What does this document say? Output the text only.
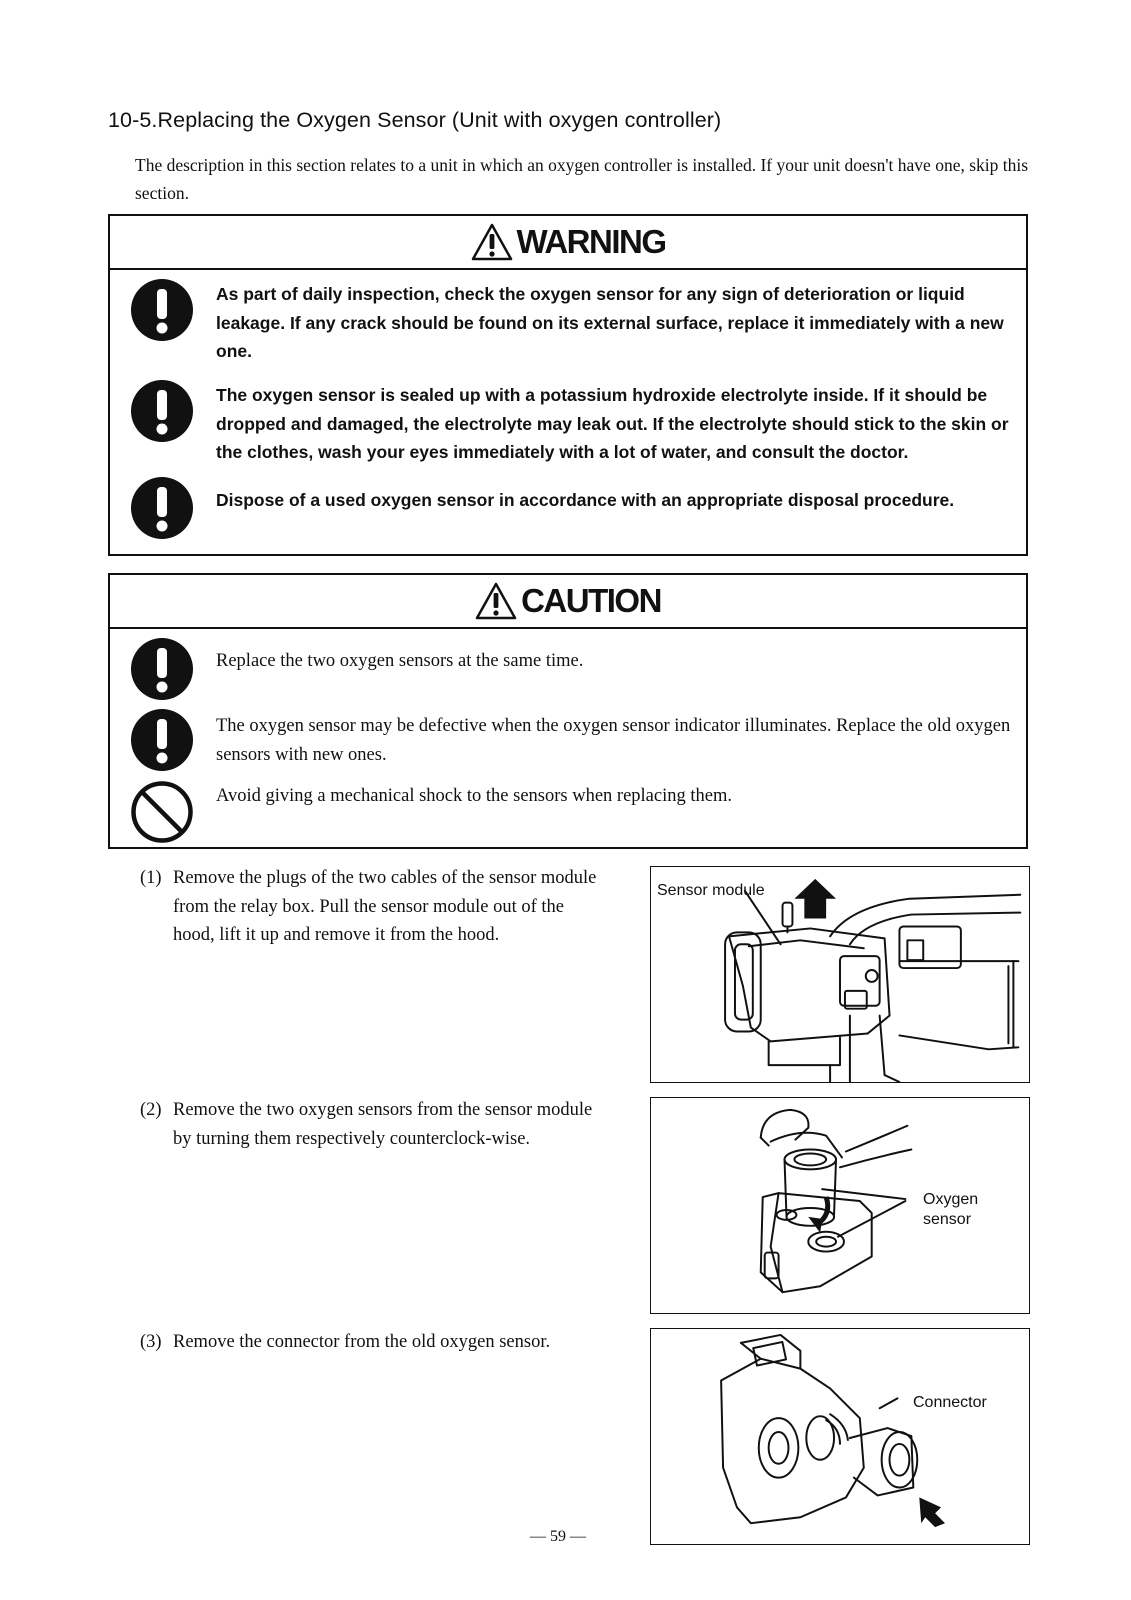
10-5.Replacing the Oxygen Sensor (Unit with oxygen controller)
The description in this section relates to a unit in which an oxygen controller is installed. If your unit doesn't have one, skip this section.
WARNING
As part of daily inspection, check the oxygen sensor for any sign of deterioration or liquid leakage. If any crack should be found on its external surface, replace it immediately with a new one.
The oxygen sensor is sealed up with a potassium hydroxide electrolyte inside. If it should be dropped and damaged, the electrolyte may leak out. If the electrolyte should stick to the skin or the clothes, wash your eyes immediately with a lot of water, and consult the doctor.
Dispose of a used oxygen sensor in accordance with an appropriate disposal procedure.
CAUTION
Replace the two oxygen sensors at the same time.
The oxygen sensor may be defective when the oxygen sensor indicator illuminates. Replace the old oxygen sensors with new ones.
Avoid giving a mechanical shock to the sensors when replacing them.
(1) Remove the plugs of the two cables of the sensor module from the relay box. Pull the sensor module out of the hood, lift it up and remove it from the hood.
(2) Remove the two oxygen sensors from the sensor module by turning them respectively counterclock-wise.
(3) Remove the connector from the old oxygen sensor.
Sensor module
Oxygen
sensor
Connector
— 59 —
